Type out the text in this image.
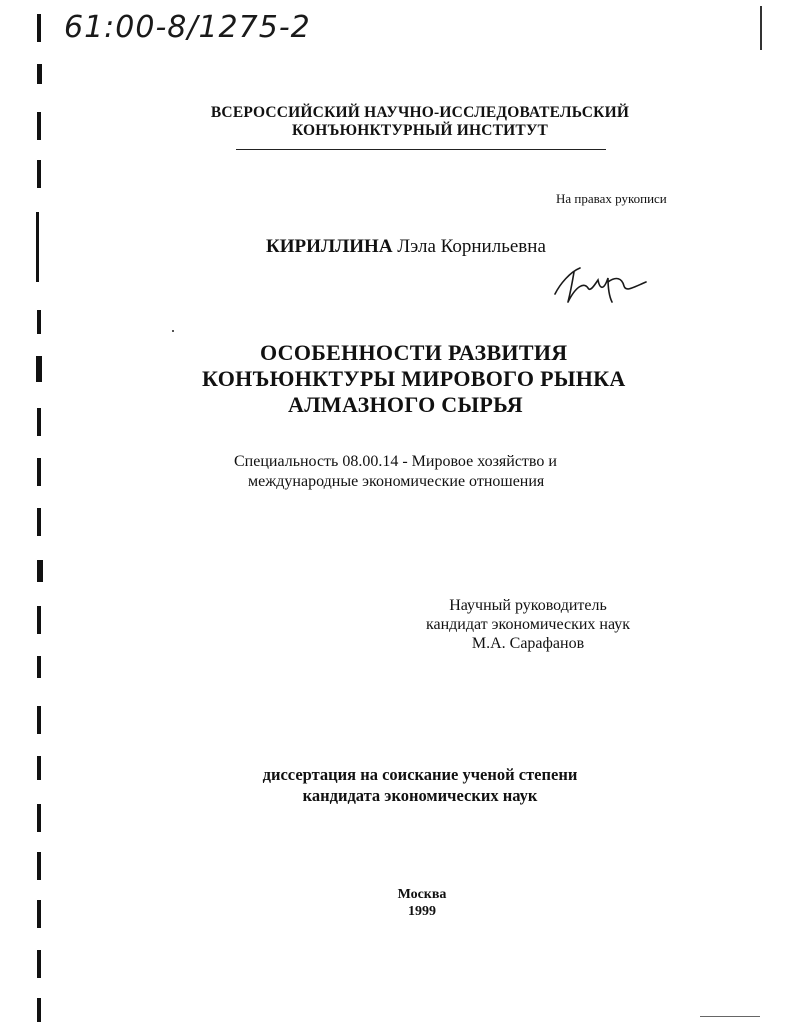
61:00-8/1275-2
ВСЕРОССИЙСКИЙ НАУЧНО-ИССЛЕДОВАТЕЛЬСКИЙ
КОНЪЮНКТУРНЫЙ ИНСТИТУТ
На правах рукописи
КИРИЛЛИНА Лэла Корнильевна
ОСОБЕННОСТИ РАЗВИТИЯ
КОНЪЮНКТУРЫ МИРОВОГО РЫНКА
АЛМАЗНОГО СЫРЬЯ
Специальность 08.00.14 - Мировое хозяйство и
международные экономические отношения
Научный руководитель
кандидат экономических наук
М.А. Сарафанов
диссертация на соискание ученой степени
кандидата экономических наук
Москва
1999
